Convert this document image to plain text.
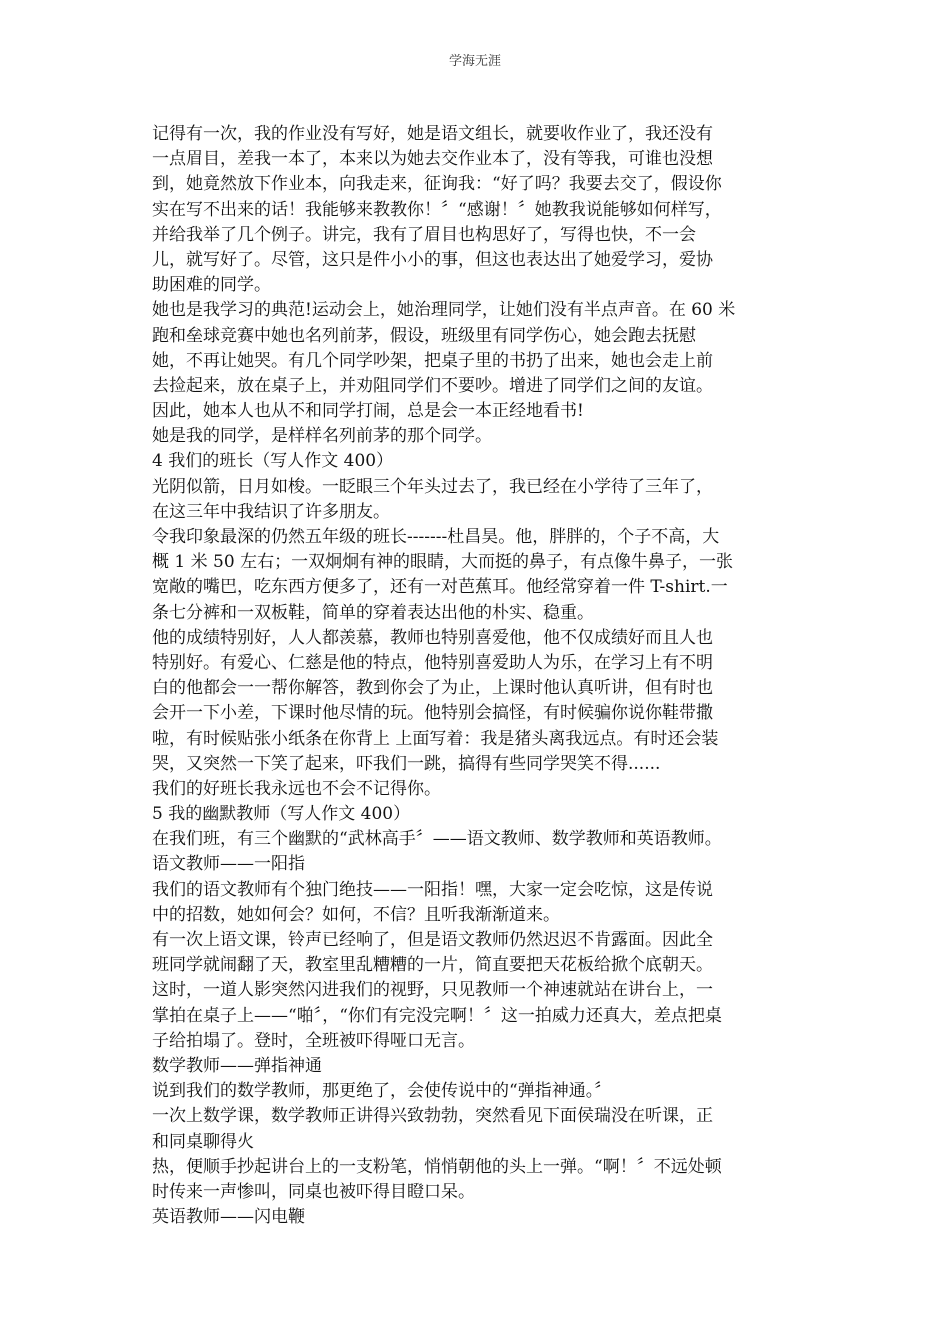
学海无涯
记得有一次，我的作业没有写好，她是语文组长，就要收作业了，我还没有
一点眉目，差我一本了，本来以为她去交作业本了，没有等我，可谁也没想
到，她竟然放下作业本，向我走来，征询我：“好了吗？我要去交了，假设你
实在写不出来的话！我能够来教教你！〞“感谢！〞她教我说能够如何样写，
并给我举了几个例子。讲完，我有了眉目也构思好了，写得也快，不一会
儿，就写好了。尽管，这只是件小小的事，但这也表达出了她爱学习，爱协
助困难的同学。
她也是我学习的典范!运动会上，她治理同学，让她们没有半点声音。在 60 米
跑和垒球竞赛中她也名列前茅，假设，班级里有同学伤心，她会跑去抚慰
她，不再让她哭。有几个同学吵架，把桌子里的书扔了出来，她也会走上前
去捡起来，放在桌子上，并劝阻同学们不要吵。增进了同学们之间的友谊。
因此，她本人也从不和同学打闹，总是会一本正经地看书!
她是我的同学，是样样名列前茅的那个同学。
4 我们的班长（写人作文 400）
光阴似箭，日月如梭。一眨眼三个年头过去了，我已经在小学待了三年了，
在这三年中我结识了许多朋友。
令我印象最深的仍然五年级的班长-------杜昌昊。他，胖胖的，个子不高，大
概 1 米 50 左右；一双炯炯有神的眼睛，大而挺的鼻子，有点像牛鼻子，一张
宽敞的嘴巴，吃东西方便多了，还有一对芭蕉耳。他经常穿着一件 T-shirt.一
条七分裤和一双板鞋，简单的穿着表达出他的朴实、稳重。
他的成绩特别好，人人都羡慕，教师也特别喜爱他，他不仅成绩好而且人也
特别好。有爱心、仁慈是他的特点，他特别喜爱助人为乐，在学习上有不明
白的他都会一一帮你解答，教到你会了为止，上课时他认真听讲，但有时也
会开一下小差，下课时他尽情的玩。他特别会搞怪，有时候骗你说你鞋带撒
啦，有时候贴张小纸条在你背上 上面写着：我是猪头离我远点。有时还会装
哭，又突然一下笑了起来，吓我们一跳，搞得有些同学哭笑不得......
我们的好班长我永远也不会不记得你。
5 我的幽默教师（写人作文 400）
在我们班，有三个幽默的“武林高手〞——语文教师、数学教师和英语教师。
语文教师——一阳指
我们的语文教师有个独门绝技——一阳指！嘿，大家一定会吃惊，这是传说
中的招数，她如何会？如何，不信？且听我渐渐道来。
有一次上语文课，铃声已经响了，但是语文教师仍然迟迟不肯露面。因此全
班同学就闹翻了天，教室里乱糟糟的一片，简直要把天花板给掀个底朝天。
这时，一道人影突然闪进我们的视野，只见教师一个神速就站在讲台上，一
掌拍在桌子上——“啪〞，“你们有完没完啊！〞这一拍威力还真大，差点把桌
子给拍塌了。登时，全班被吓得哑口无言。
数学教师——弹指神通
说到我们的数学教师，那更绝了，会使传说中的“弹指神通。〞
一次上数学课，数学教师正讲得兴致勃勃，突然看见下面侯瑞没在听课，正
和同桌聊得火
热，便顺手抄起讲台上的一支粉笔，悄悄朝他的头上一弹。“啊！〞不远处顿
时传来一声惨叫，同桌也被吓得目瞪口呆。
英语教师——闪电鞭
